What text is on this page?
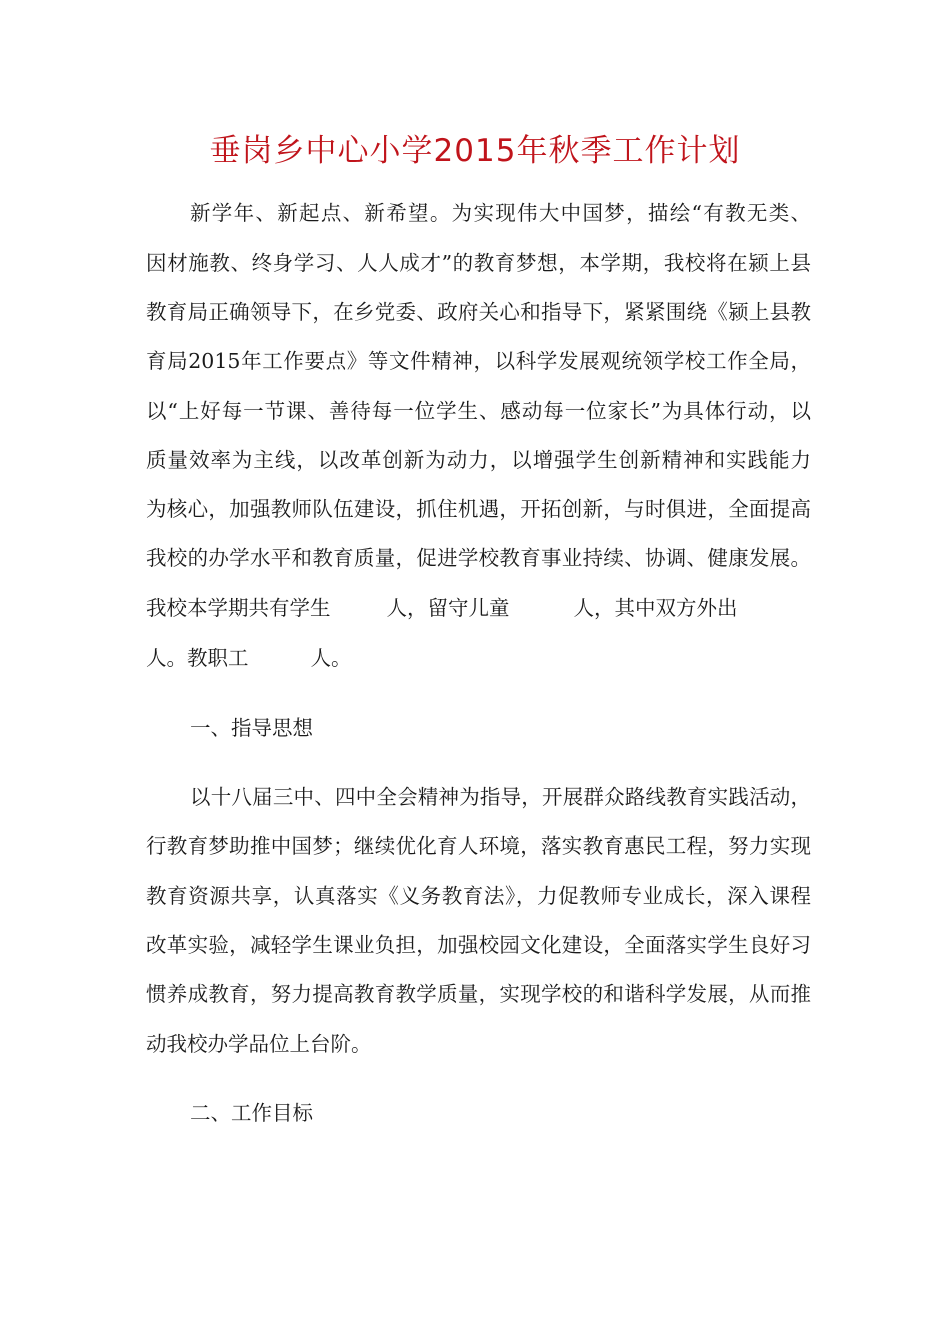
垂岗乡中心小学2015年秋季工作计划
新学年、新起点、新希望。为实现伟大中国梦，描绘“有教无类、
因材施教、终身学习、人人成才”的教育梦想，本学期，我校将在颍上县
教育局正确领导下，在乡党委、政府关心和指导下，紧紧围绕《颍上县教
育局2015年工作要点》等文件精神，以科学发展观统领学校工作全局，
以“上好每一节课、善待每一位学生、感动每一位家长”为具体行动，以
质量效率为主线，以改革创新为动力，以增强学生创新精神和实践能力
为核心，加强教师队伍建设，抓住机遇，开拓创新，与时俱进，全面提高
我校的办学水平和教育质量，促进学校教育事业持续、协调、健康发展。
我校本学期共有学生	人，留守儿童	人，其中双方外出
人。教职工	人。
一、指导思想
以十八届三中、四中全会精神为指导，开展群众路线教育实践活动，
行教育梦助推中国梦；继续优化育人环境，落实教育惠民工程，努力实现
教育资源共享，认真落实《义务教育法》，力促教师专业成长，深入课程
改革实验，减轻学生课业负担，加强校园文化建设，全面落实学生良好习
惯养成教育，努力提高教育教学质量，实现学校的和谐科学发展，从而推
动我校办学品位上台阶。
二、工作目标
